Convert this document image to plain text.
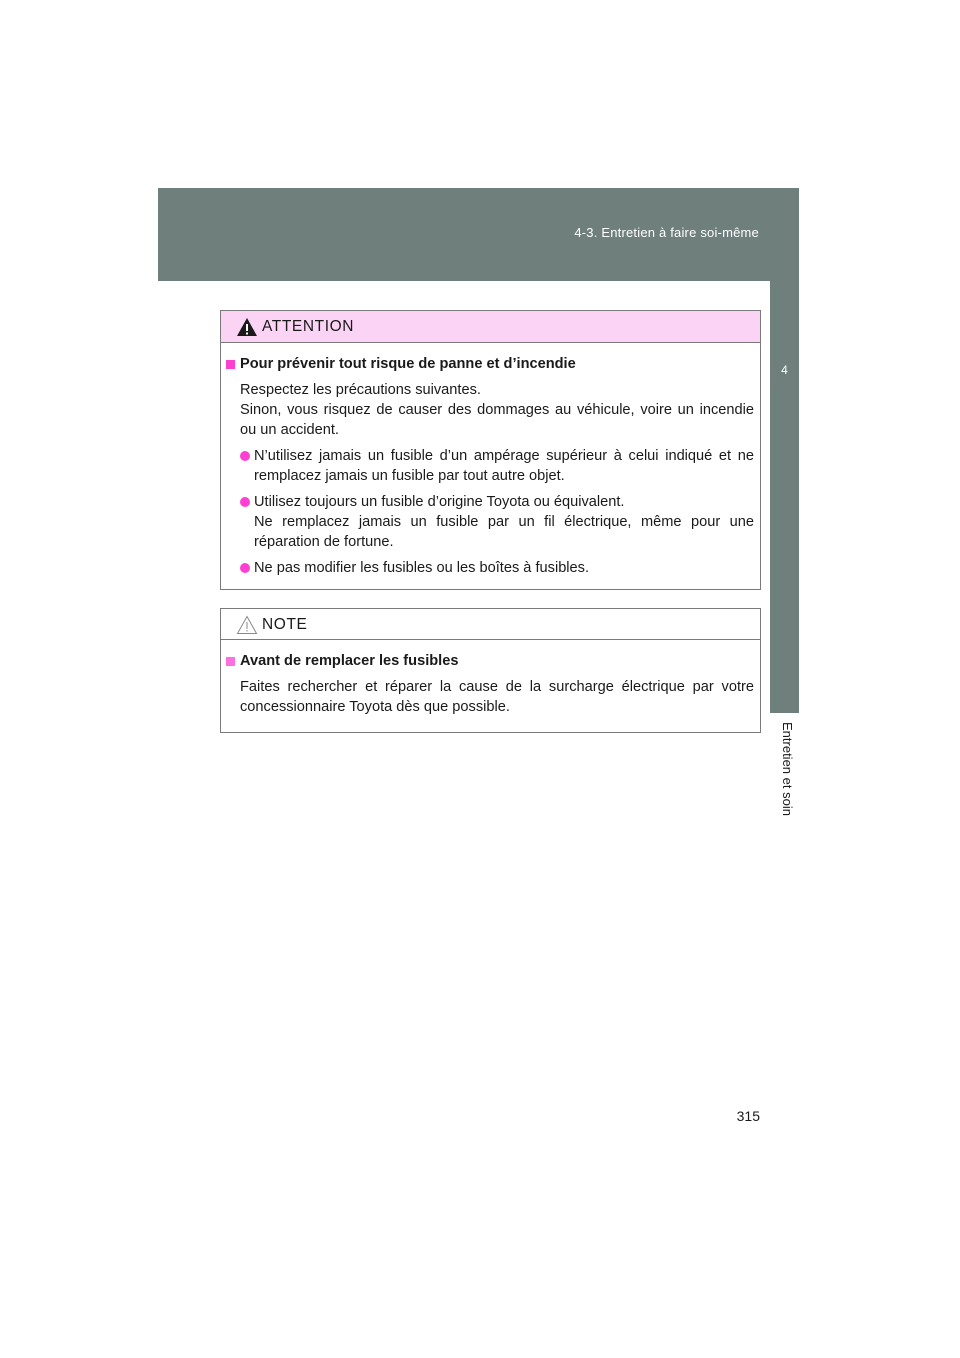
4-3. Entretien à faire soi-même
4
Entretien et soin
ATTENTION
Pour prévenir tout risque de panne et d’incendie
Respectez les précautions suivantes.
Sinon, vous risquez de causer des dommages au véhicule, voire un incendie ou un accident.
N’utilisez jamais un fusible d’un ampérage supérieur à celui indiqué et ne remplacez jamais un fusible par tout autre objet.
Utilisez toujours un fusible d’origine Toyota ou équivalent.
Ne remplacez jamais un fusible par un fil électrique, même pour une réparation de fortune.
Ne pas modifier les fusibles ou les boîtes à fusibles.
NOTE
Avant de remplacer les fusibles
Faites rechercher et réparer la cause de la surcharge électrique par votre concessionnaire Toyota dès que possible.
315
